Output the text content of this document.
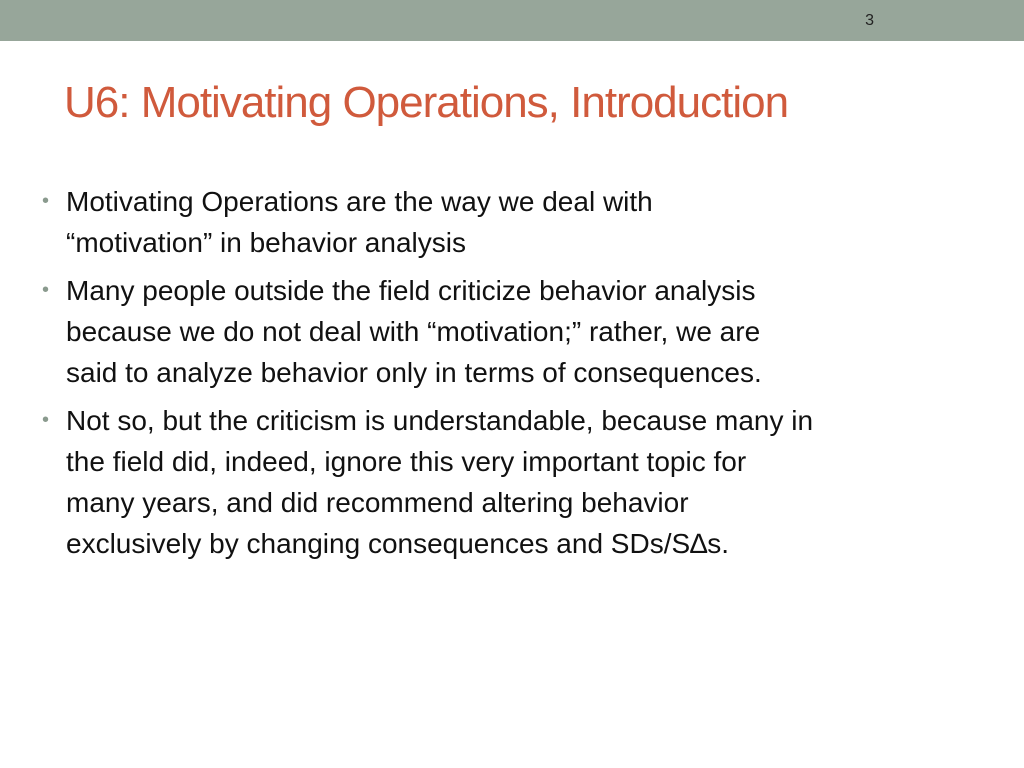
3
U6: Motivating Operations, Introduction
• Motivating Operations are the way we deal with
“motivation” in behavior analysis
• Many people outside the field criticize behavior analysis
because we do not deal with “motivation;” rather, we are
said to analyze behavior only in terms of consequences.
• Not so, but the criticism is understandable, because many in
the field did, indeed, ignore this very important topic for
many years, and did recommend altering behavior
exclusively by changing consequences and SDs/S∆s.
